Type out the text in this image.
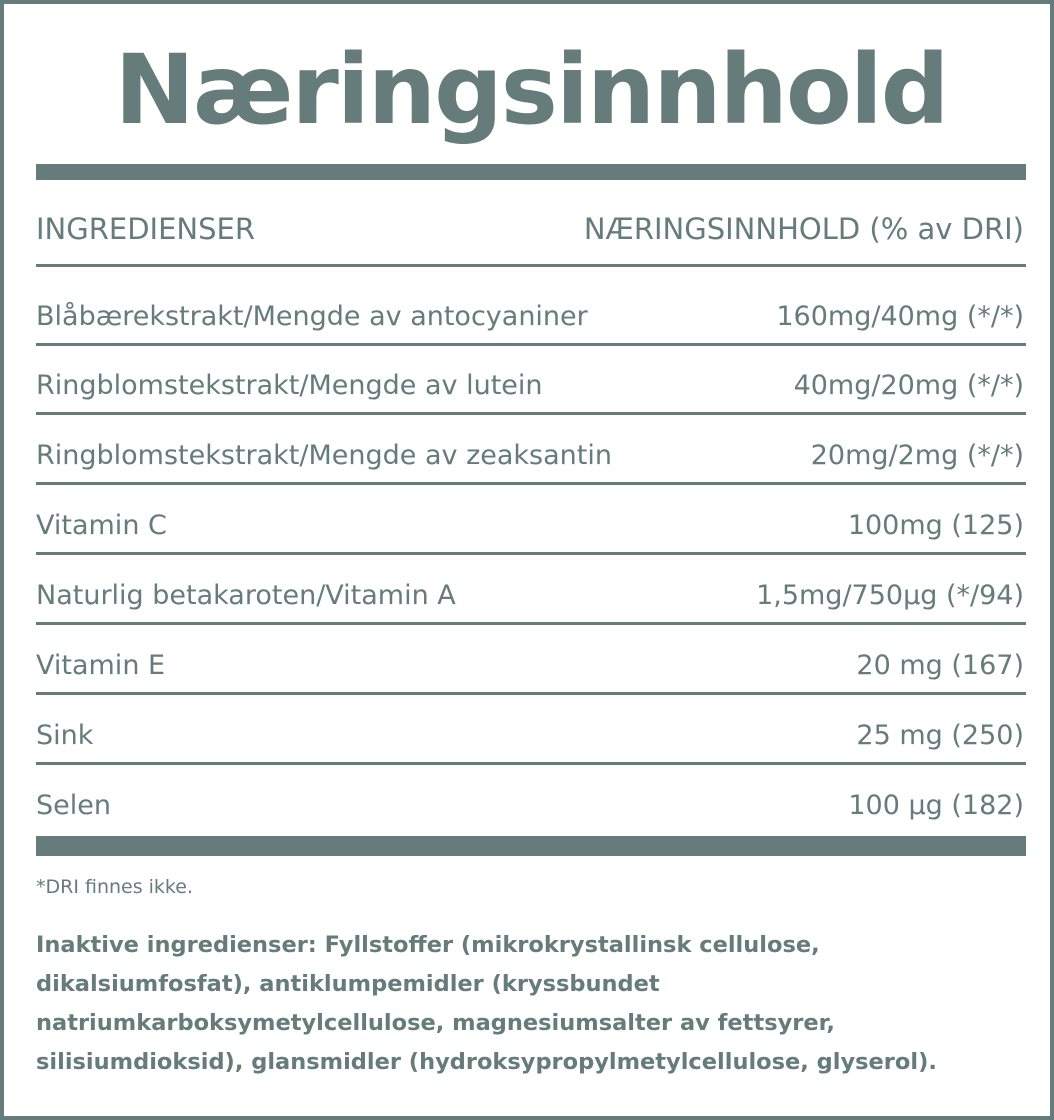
Næringsinnhold
INGREDIENSER	NÆRINGSINNHOLD (% av DRI)
Blåbærekstrakt/Mengde av antocyaniner	160mg/40mg (*/*)
Ringblomstekstrakt/Mengde av lutein	40mg/20mg (*/*)
Ringblomstekstrakt/Mengde av zeaksantin	20mg/2mg (*/*)
Vitamin C	100mg (125)
Naturlig betakaroten/Vitamin A	1,5mg/750µg (*/94)
Vitamin E	20 mg (167)
Sink	25 mg (250)
Selen	100 µg (182)
*DRI finnes ikke.
Inaktive ingredienser: Fyllstoffer (mikrokrystallinsk cellulose,
dikalsiumfosfat), antiklumpemidler (kryssbundet
natriumkarboksymetylcellulose, magnesiumsalter av fettsyrer,
silisiumdioksid), glansmidler (hydroksypropylmetylcellulose, glyserol).
